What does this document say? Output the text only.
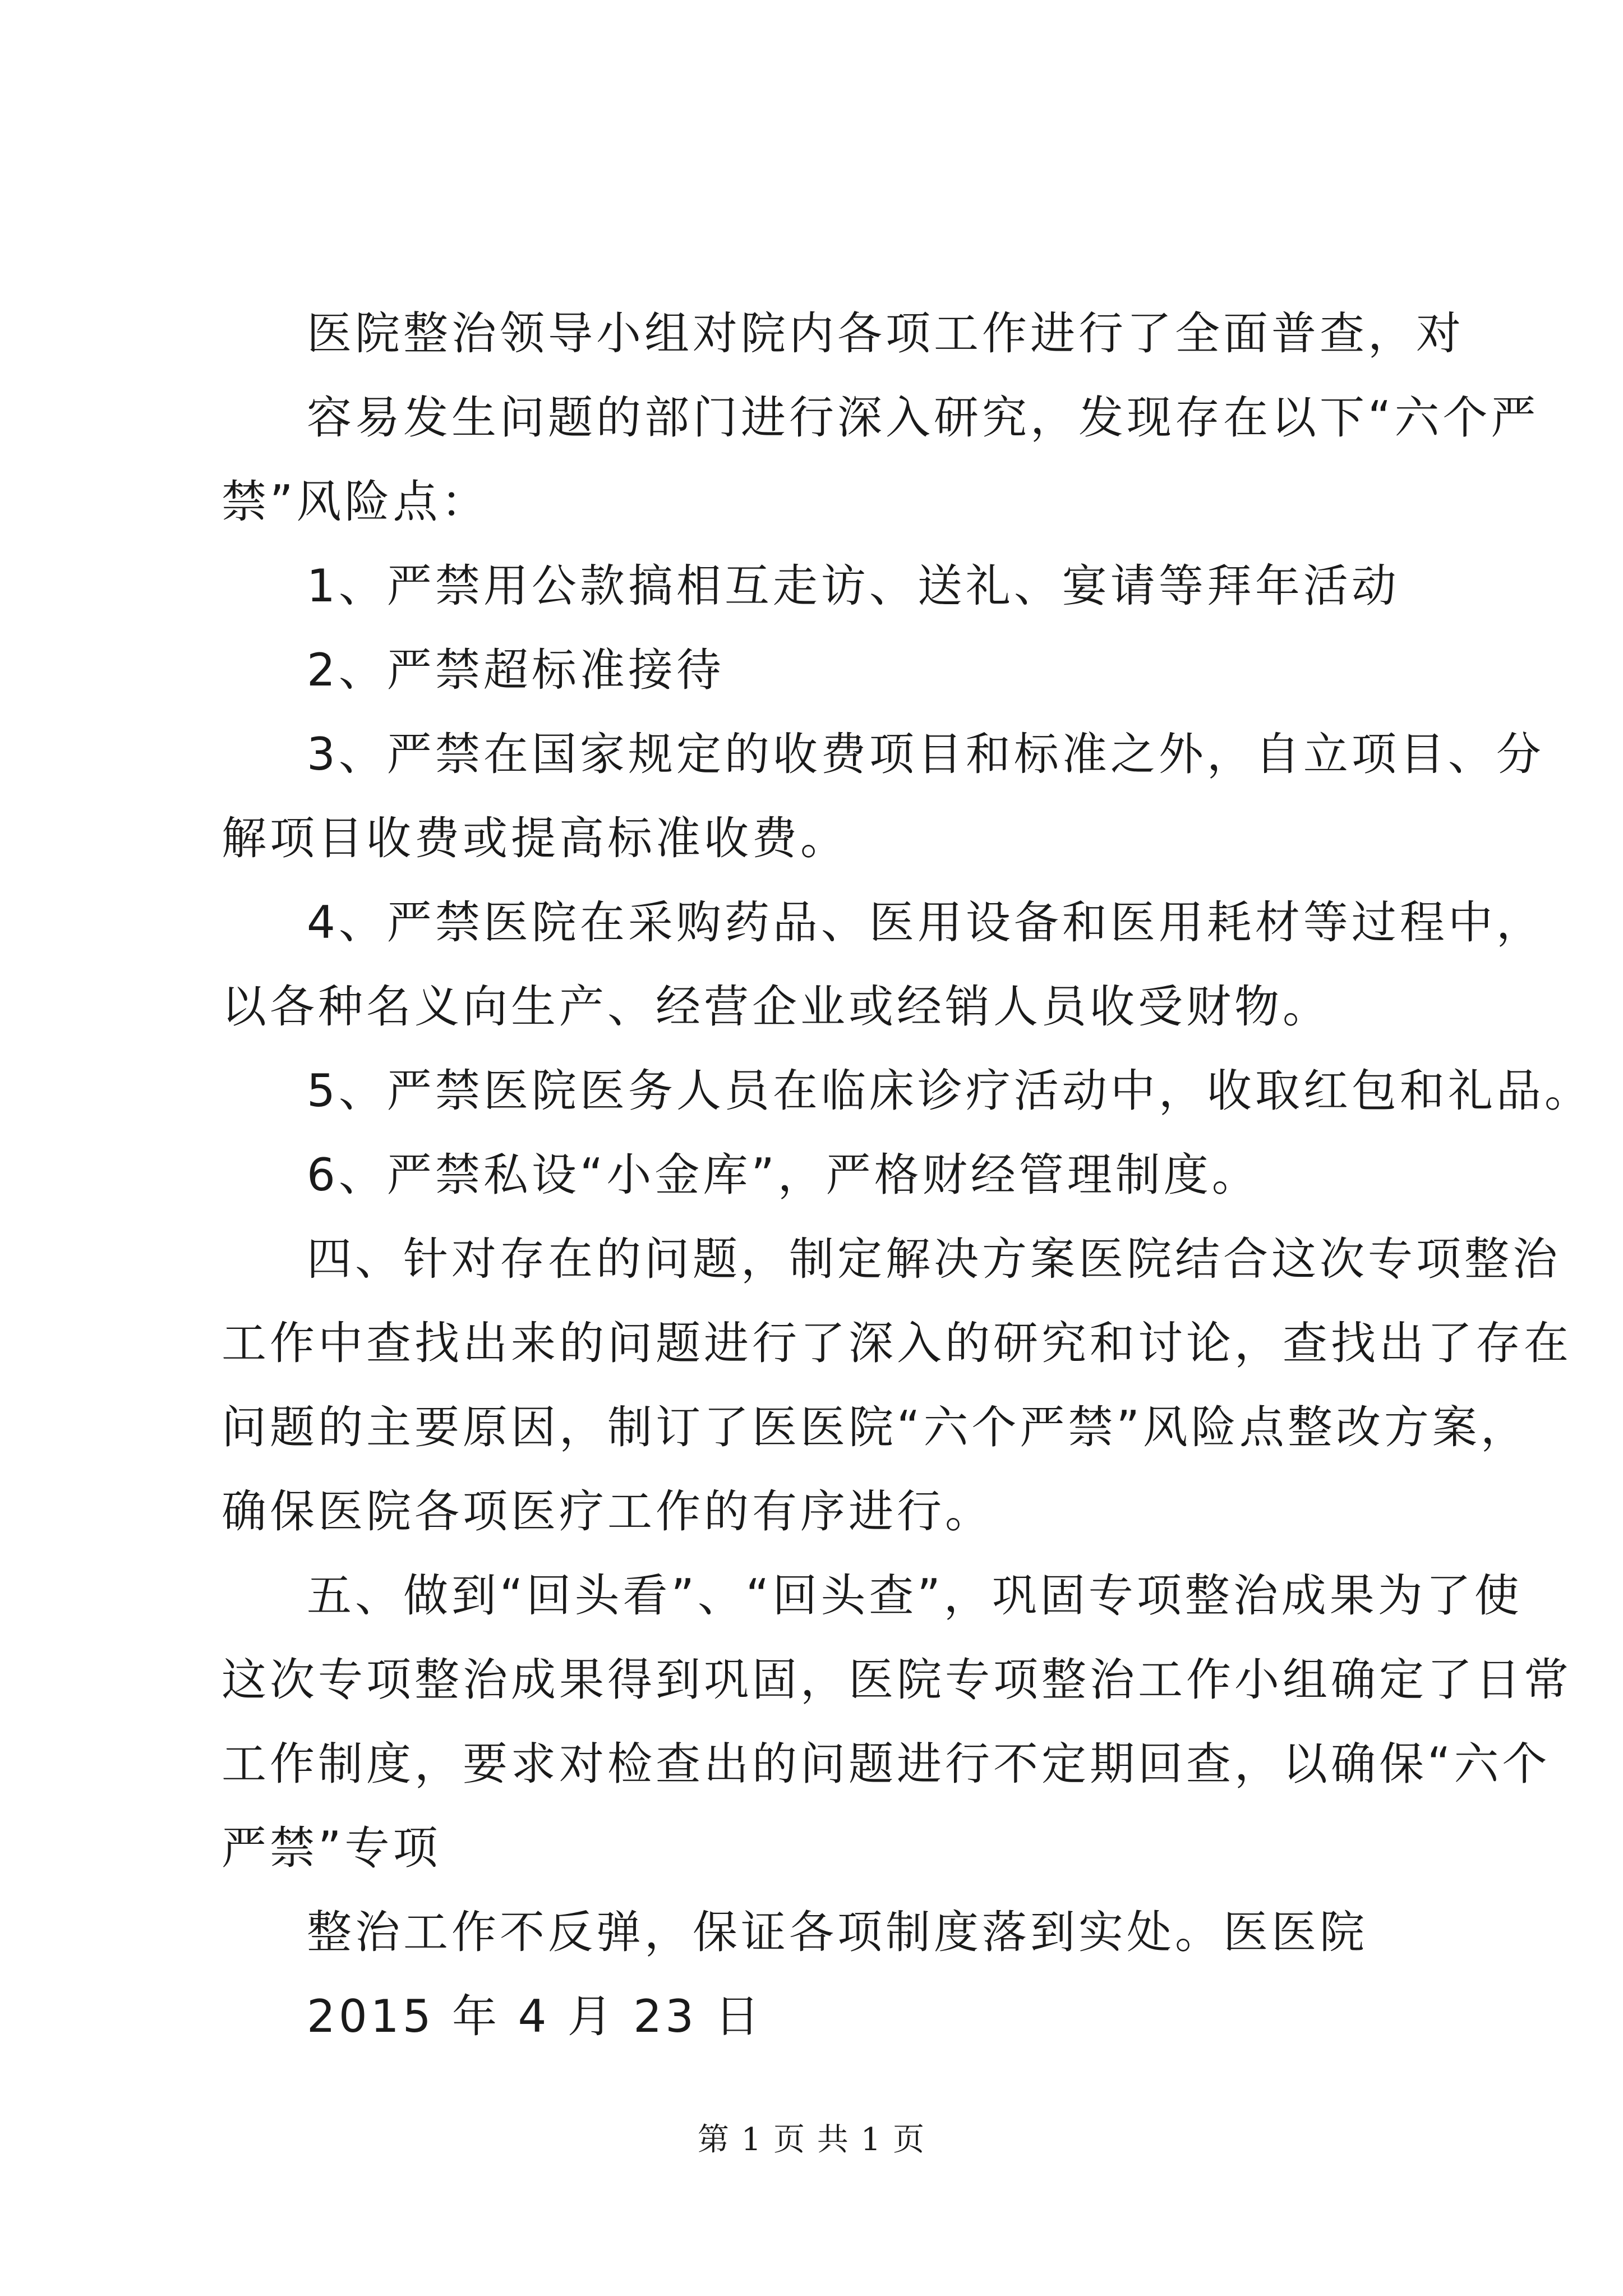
医院整治领导小组对院内各项工作进行了全面普查，对
容易发生问题的部门进行深入研究，发现存在以下“六个严
禁”风险点：
1、严禁用公款搞相互走访、送礼、宴请等拜年活动
2、严禁超标准接待
3、严禁在国家规定的收费项目和标准之外，自立项目、分
解项目收费或提高标准收费。
4、严禁医院在采购药品、医用设备和医用耗材等过程中，
以各种名义向生产、经营企业或经销人员收受财物。
5、严禁医院医务人员在临床诊疗活动中，收取红包和礼品。
6、严禁私设“小金库”，严格财经管理制度。
四、针对存在的问题，制定解决方案医院结合这次专项整治
工作中查找出来的问题进行了深入的研究和讨论，查找出了存在
问题的主要原因，制订了医医院“六个严禁”风险点整改方案，
确保医院各项医疗工作的有序进行。
五、做到“回头看”、“回头查”，巩固专项整治成果为了使
这次专项整治成果得到巩固，医院专项整治工作小组确定了日常
工作制度，要求对检查出的问题进行不定期回查，以确保“六个
严禁”专项
整治工作不反弹，保证各项制度落到实处。医医院
2015 年 4 月 23 日
第 1 页 共 1 页
